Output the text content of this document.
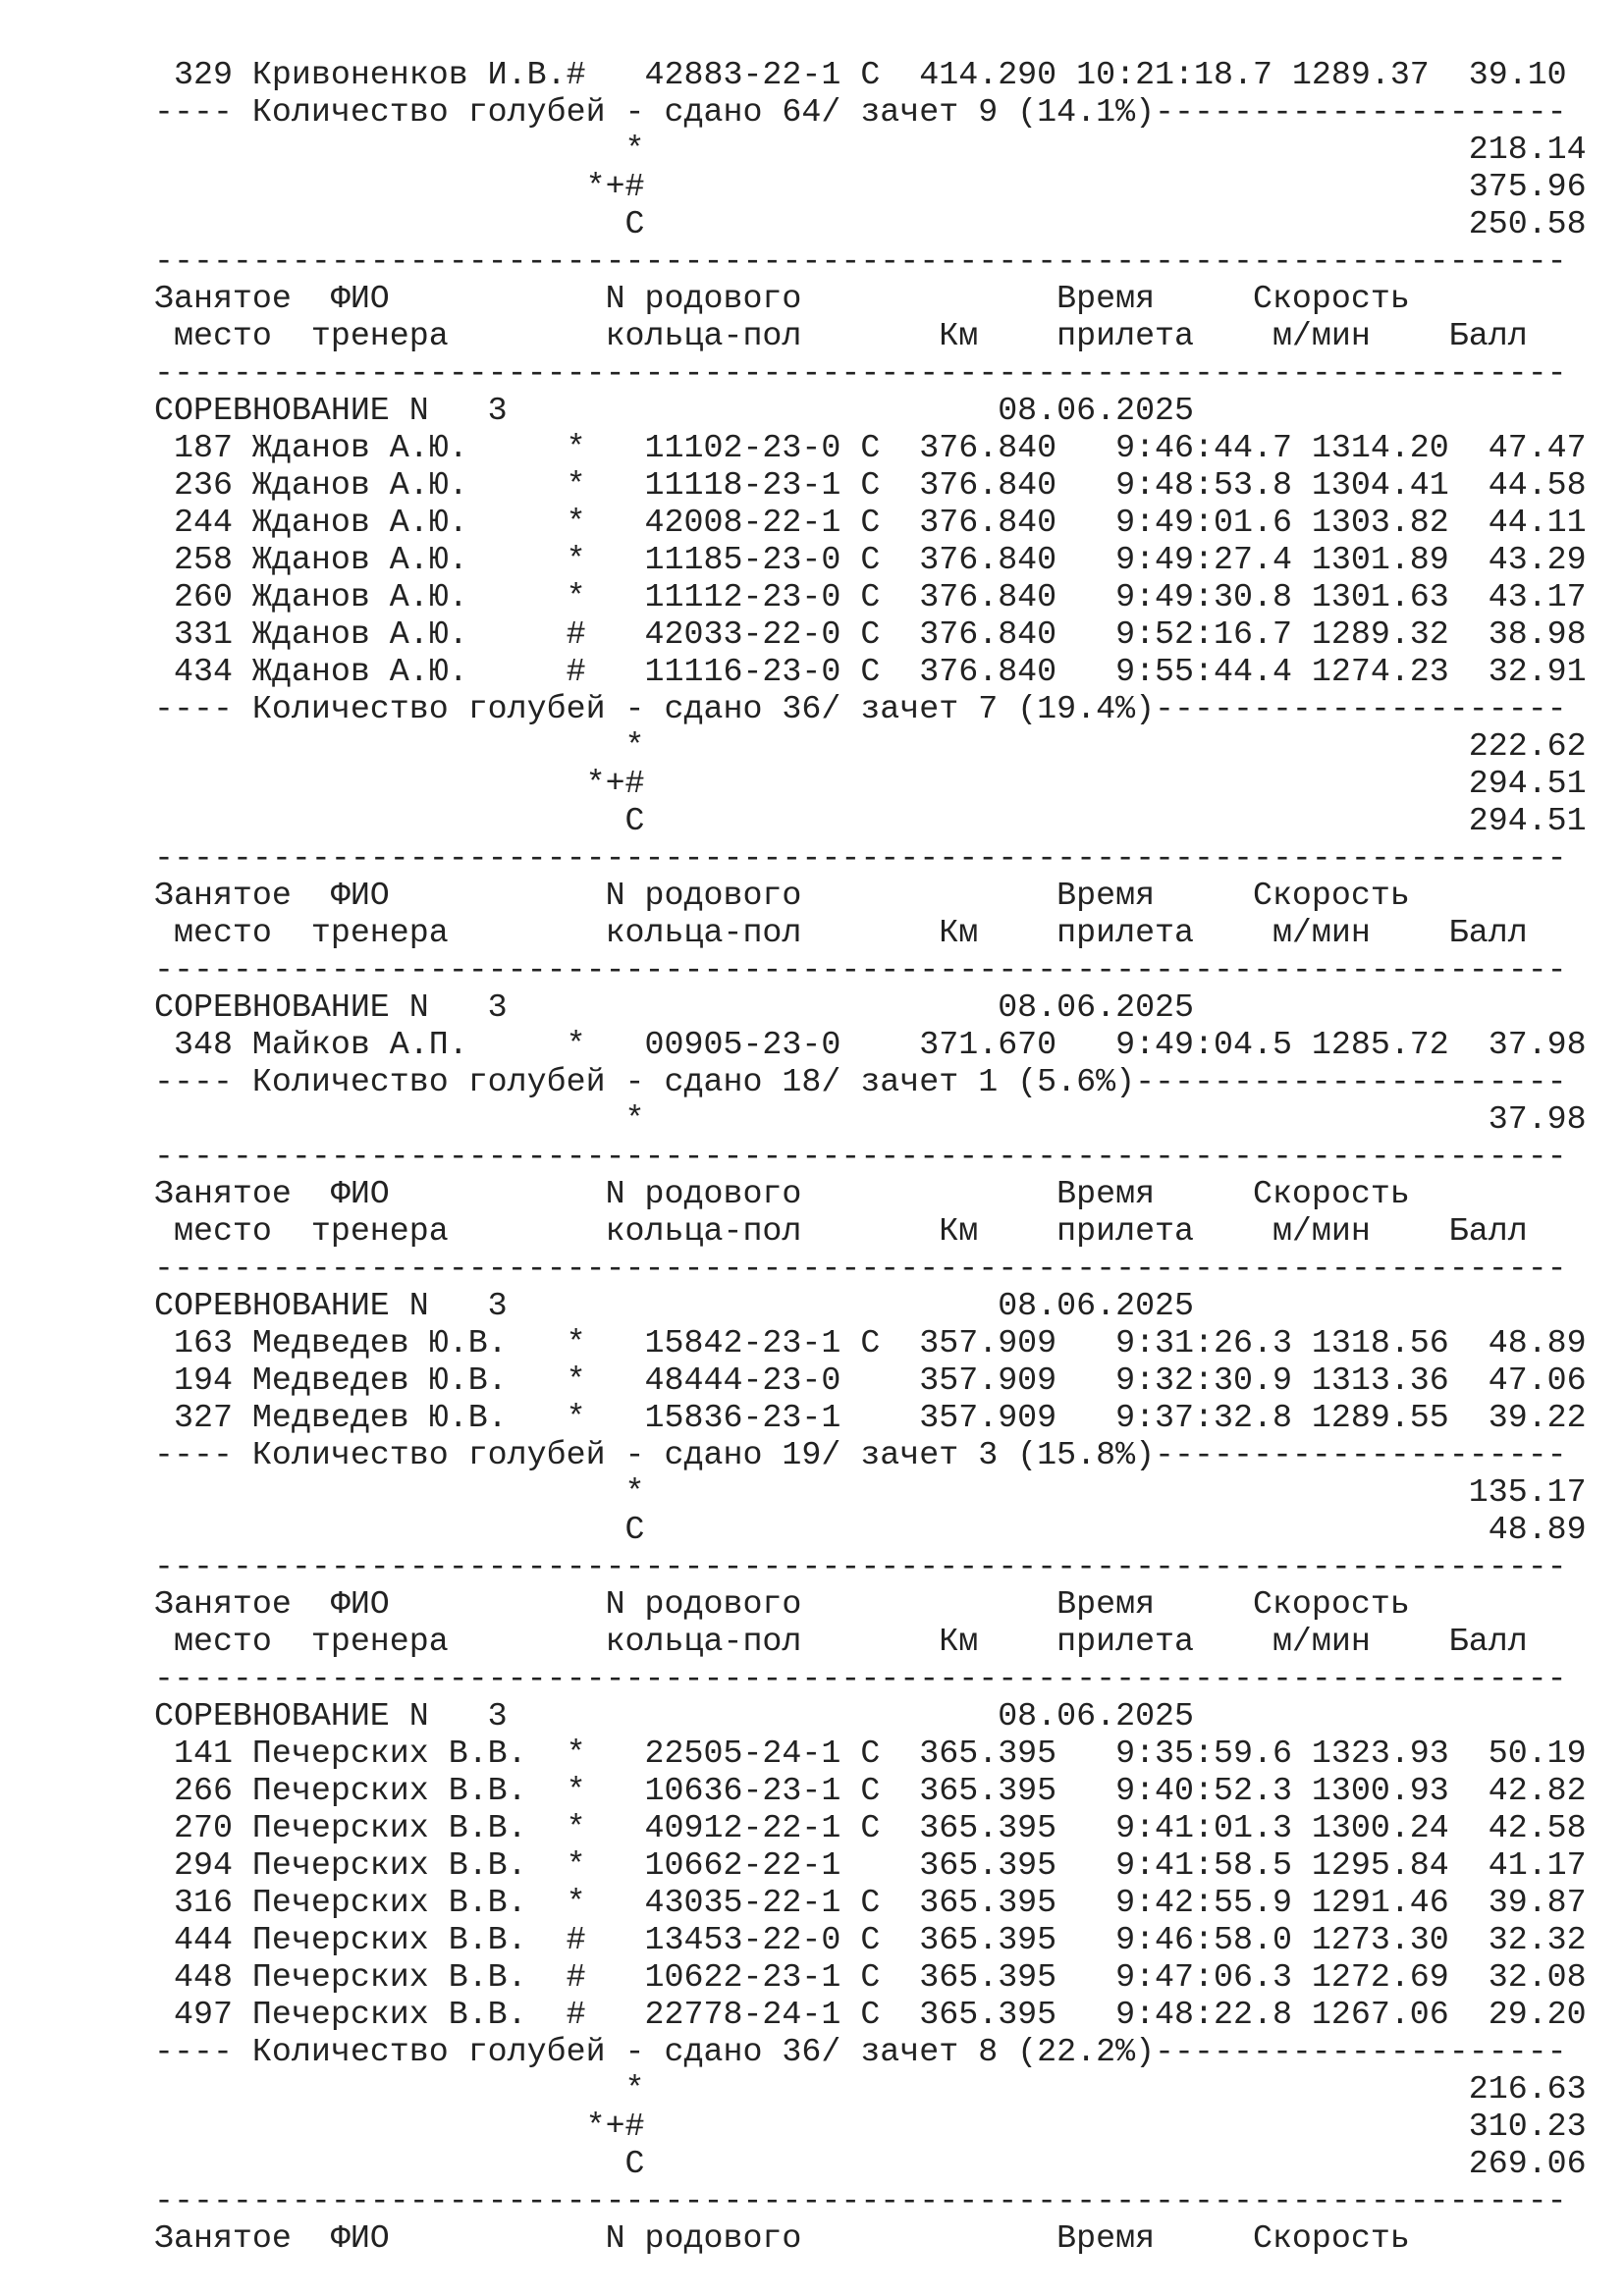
329 Кривоненков И.В.#   42883-22-1 С  414.290 10:21:18.7 1289.37  39.10
---- Количество голубей - сдано 64/ зачет 9 (14.1%)---------------------
*                                          218.14
*+#                                          375.96
С                                          250.58
------------------------------------------------------------------------
Занятое  ФИО           N родового             Время     Скорость
место  тренера        кольца-пол       Км    прилета    м/мин    Балл
------------------------------------------------------------------------
СОРЕВНОВАНИЕ N   3                         08.06.2025
187 Жданов А.Ю.     *   11102-23-0 С  376.840   9:46:44.7 1314.20  47.47
236 Жданов А.Ю.     *   11118-23-1 С  376.840   9:48:53.8 1304.41  44.58
244 Жданов А.Ю.     *   42008-22-1 С  376.840   9:49:01.6 1303.82  44.11
258 Жданов А.Ю.     *   11185-23-0 С  376.840   9:49:27.4 1301.89  43.29
260 Жданов А.Ю.     *   11112-23-0 С  376.840   9:49:30.8 1301.63  43.17
331 Жданов А.Ю.     #   42033-22-0 С  376.840   9:52:16.7 1289.32  38.98
434 Жданов А.Ю.     #   11116-23-0 С  376.840   9:55:44.4 1274.23  32.91
---- Количество голубей - сдано 36/ зачет 7 (19.4%)---------------------
*                                          222.62
*+#                                          294.51
С                                          294.51
------------------------------------------------------------------------
Занятое  ФИО           N родового             Время     Скорость
место  тренера        кольца-пол       Км    прилета    м/мин    Балл
------------------------------------------------------------------------
СОРЕВНОВАНИЕ N   3                         08.06.2025
348 Майков А.П.     *   00905-23-0    371.670   9:49:04.5 1285.72  37.98
---- Количество голубей - сдано 18/ зачет 1 (5.6%)----------------------
*                                           37.98
------------------------------------------------------------------------
Занятое  ФИО           N родового             Время     Скорость
место  тренера        кольца-пол       Км    прилета    м/мин    Балл
------------------------------------------------------------------------
СОРЕВНОВАНИЕ N   3                         08.06.2025
163 Медведев Ю.В.   *   15842-23-1 С  357.909   9:31:26.3 1318.56  48.89
194 Медведев Ю.В.   *   48444-23-0    357.909   9:32:30.9 1313.36  47.06
327 Медведев Ю.В.   *   15836-23-1    357.909   9:37:32.8 1289.55  39.22
---- Количество голубей - сдано 19/ зачет 3 (15.8%)---------------------
*                                          135.17
С                                           48.89
------------------------------------------------------------------------
Занятое  ФИО           N родового             Время     Скорость
место  тренера        кольца-пол       Км    прилета    м/мин    Балл
------------------------------------------------------------------------
СОРЕВНОВАНИЕ N   3                         08.06.2025
141 Печерских В.В.  *   22505-24-1 С  365.395   9:35:59.6 1323.93  50.19
266 Печерских В.В.  *   10636-23-1 С  365.395   9:40:52.3 1300.93  42.82
270 Печерских В.В.  *   40912-22-1 С  365.395   9:41:01.3 1300.24  42.58
294 Печерских В.В.  *   10662-22-1    365.395   9:41:58.5 1295.84  41.17
316 Печерских В.В.  *   43035-22-1 С  365.395   9:42:55.9 1291.46  39.87
444 Печерских В.В.  #   13453-22-0 С  365.395   9:46:58.0 1273.30  32.32
448 Печерских В.В.  #   10622-23-1 С  365.395   9:47:06.3 1272.69  32.08
497 Печерских В.В.  #   22778-24-1 С  365.395   9:48:22.8 1267.06  29.20
---- Количество голубей - сдано 36/ зачет 8 (22.2%)---------------------
*                                          216.63
*+#                                          310.23
С                                          269.06
------------------------------------------------------------------------
Занятое  ФИО           N родового             Время     Скорость
